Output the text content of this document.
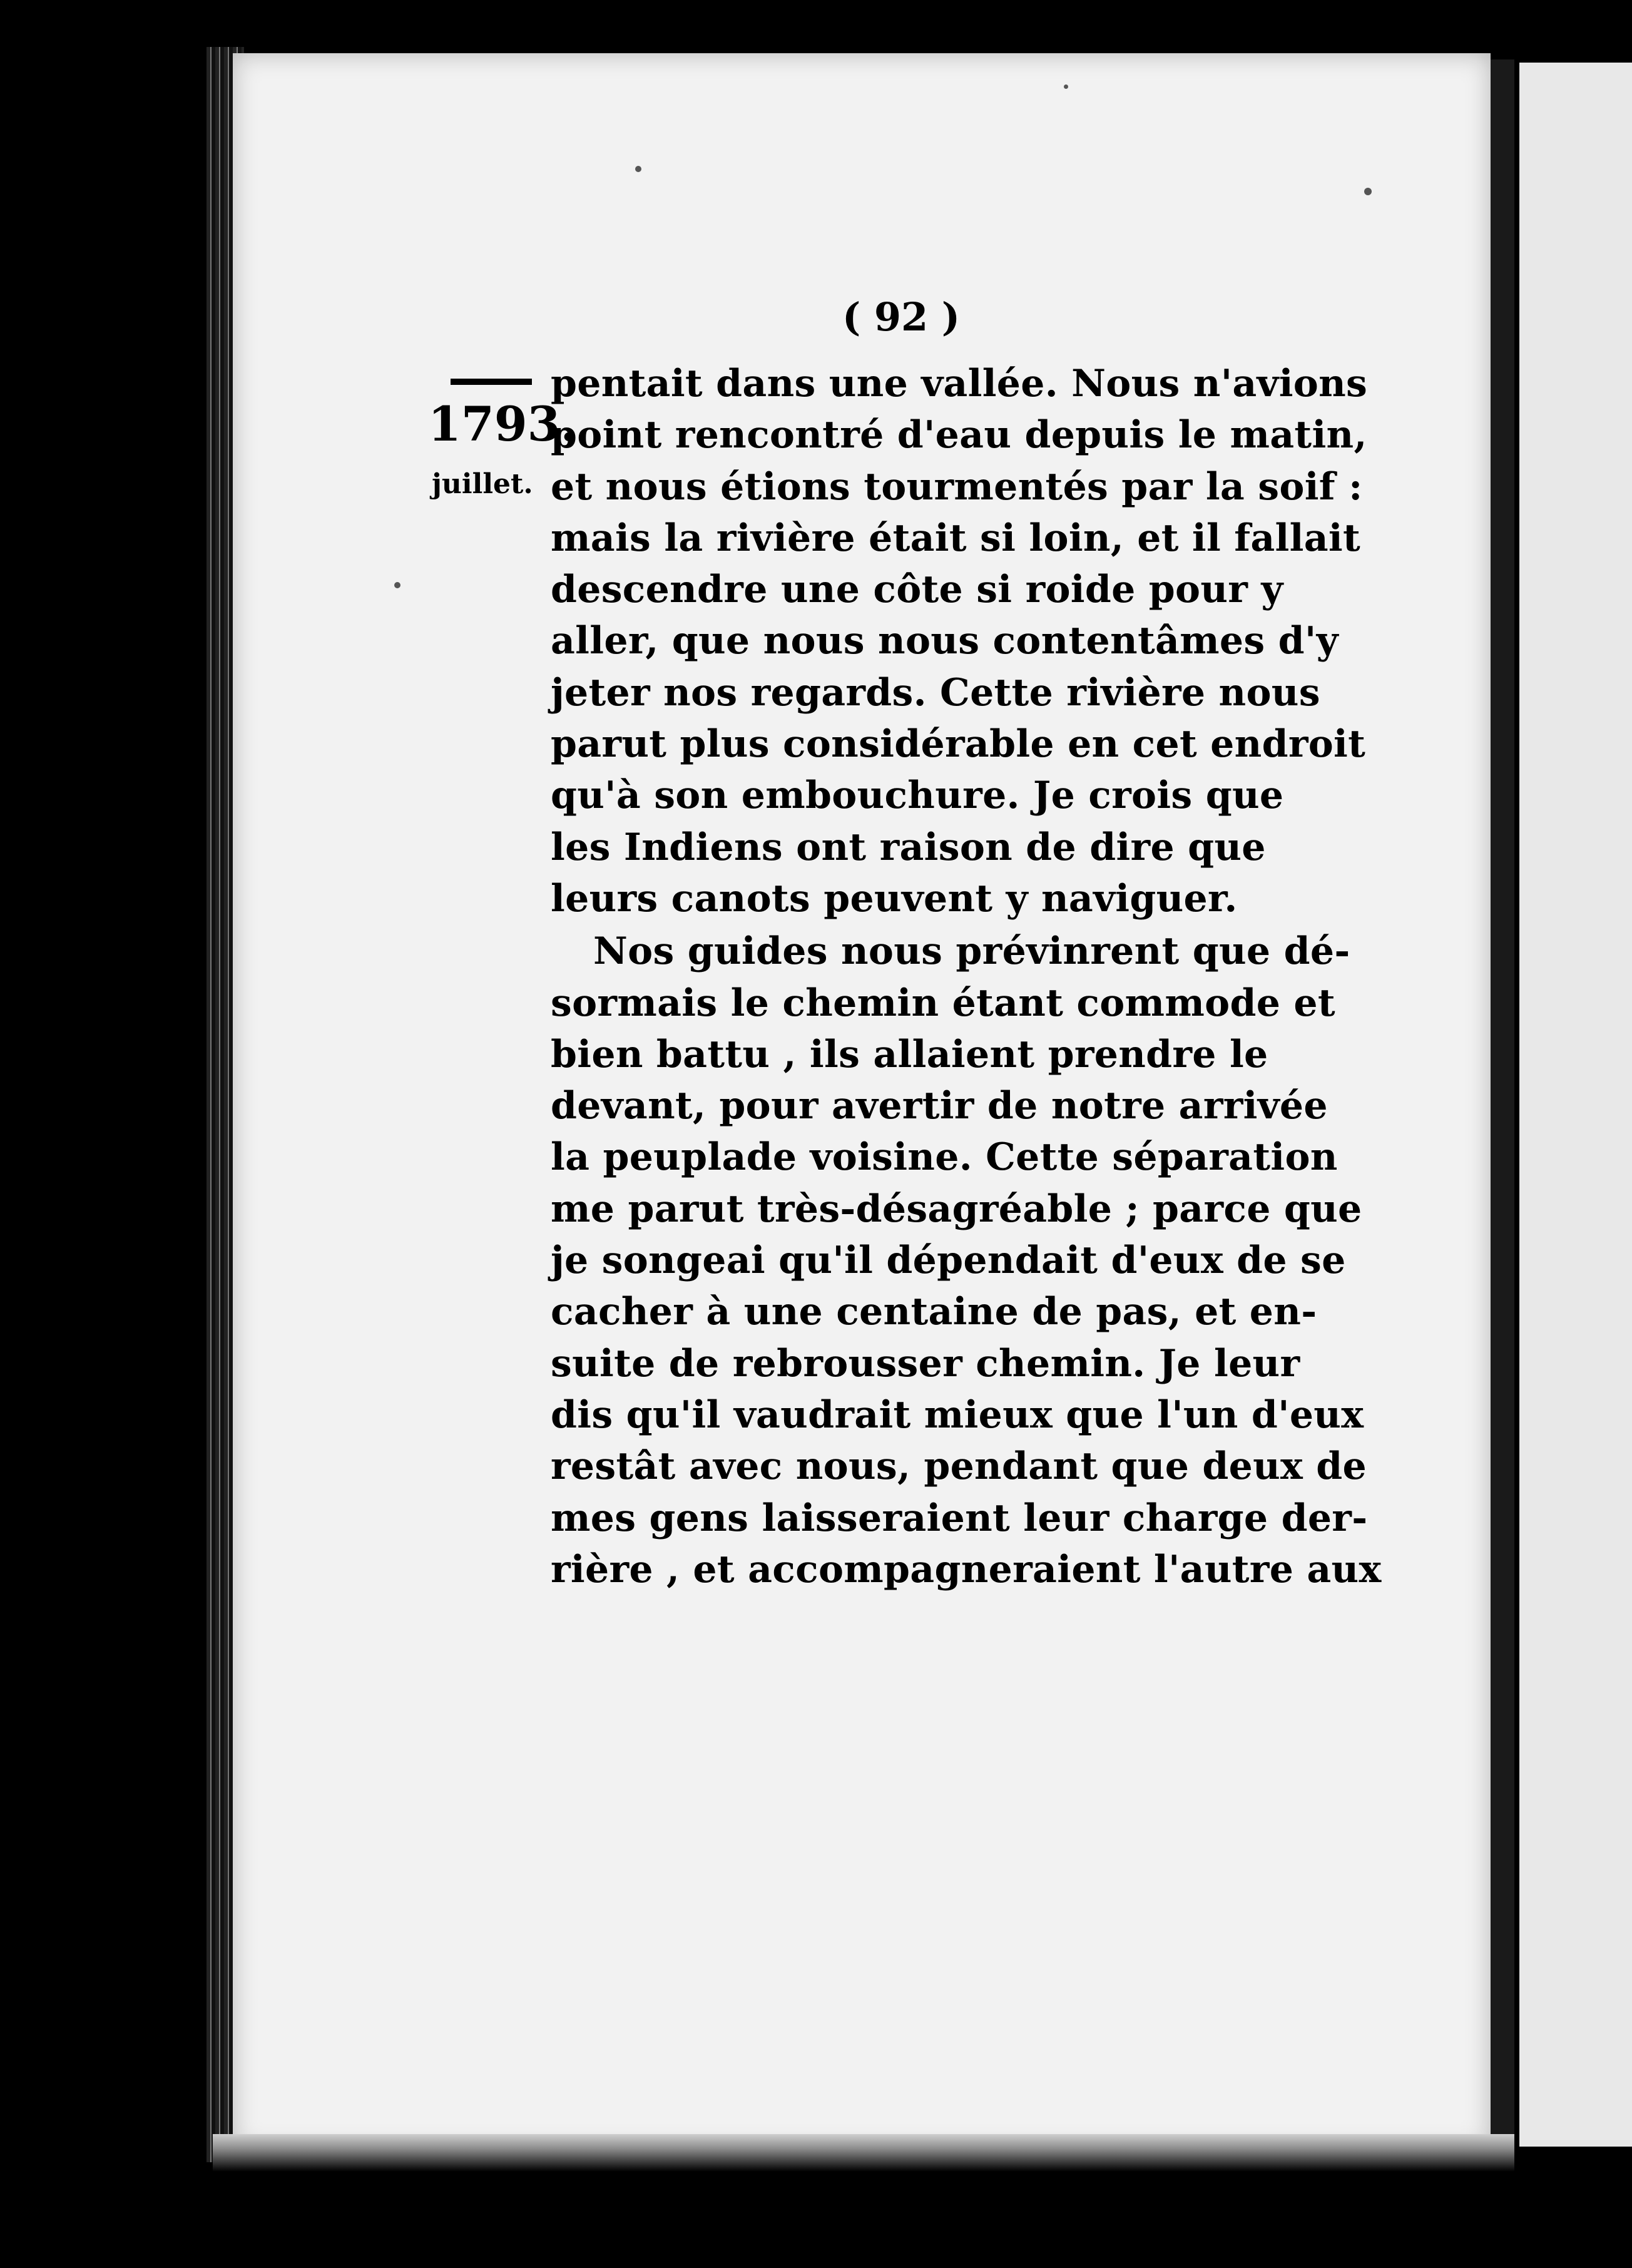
( 92 )
1793.
juillet.
pentait dans une vallée. Nous n'avions
point rencontré d'eau depuis le matin,
et nous étions tourmentés par la soif :
mais la rivière était si loin, et il fallait
descendre une côte si roide pour y
aller, que nous nous contentâmes d'y
jeter nos regards. Cette rivière nous
parut plus considérable en cet endroit
qu'à son embouchure. Je crois que
les Indiens ont raison de dire que
leurs canots peuvent y naviguer.
Nos guides nous prévinrent que dé-
sormais le chemin étant commode et
bien battu , ils allaient prendre le
devant, pour avertir de notre arrivée
la peuplade voisine. Cette séparation
me parut très-désagréable ; parce que
je songeai qu'il dépendait d'eux de se
cacher à une centaine de pas, et en-
suite de rebrousser chemin. Je leur
dis qu'il vaudrait mieux que l'un d'eux
restât avec nous, pendant que deux de
mes gens laisseraient leur charge der-
rière , et accompagneraient l'autre aux
